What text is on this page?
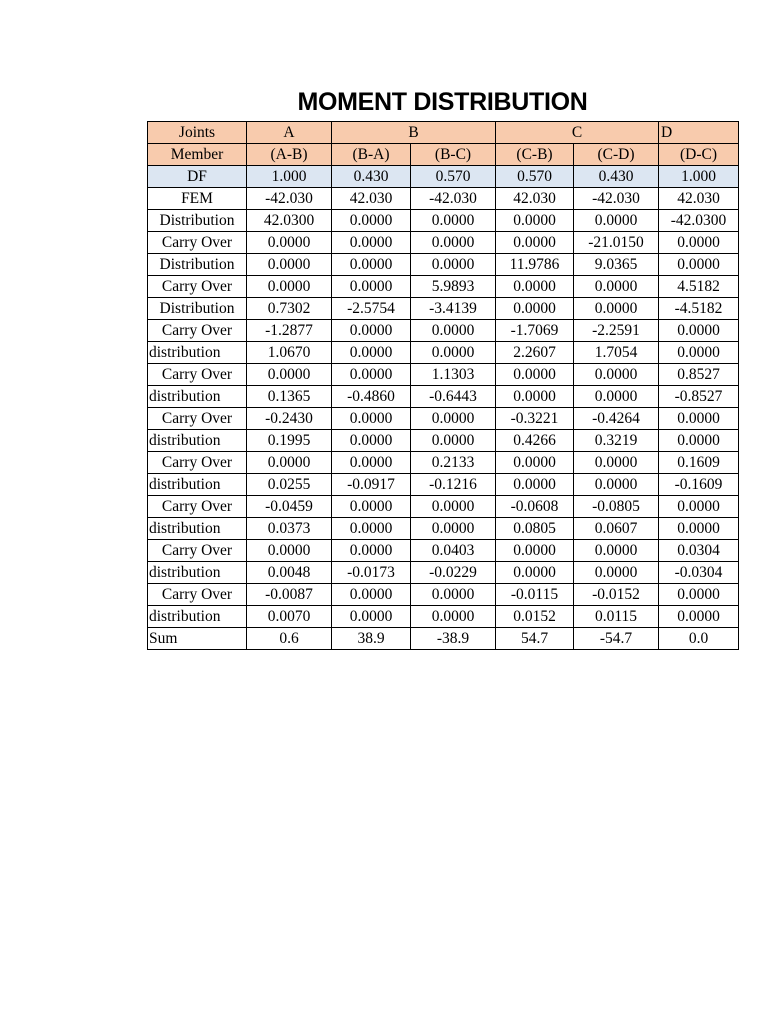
MOMENT DISTRIBUTION
Joints	A	B		C		D
Member	(A-B)	(B-A)	(B-C)	(C-B)	(C-D)	(D-C)
DF	1.000	0.430	0.570	0.570	0.430	1.000
FEM	-42.030	42.030	-42.030	42.030	-42.030	42.030
Distribution	42.0300	0.0000	0.0000	0.0000	0.0000	-42.0300
Carry Over	0.0000	0.0000	0.0000	0.0000	-21.0150	0.0000
Distribution	0.0000	0.0000	0.0000	11.9786	9.0365	0.0000
Carry Over	0.0000	0.0000	5.9893	0.0000	0.0000	4.5182
Distribution	0.7302	-2.5754	-3.4139	0.0000	0.0000	-4.5182
Carry Over	-1.2877	0.0000	0.0000	-1.7069	-2.2591	0.0000
distribution	1.0670	0.0000	0.0000	2.2607	1.7054	0.0000
Carry Over	0.0000	0.0000	1.1303	0.0000	0.0000	0.8527
distribution	0.1365	-0.4860	-0.6443	0.0000	0.0000	-0.8527
Carry Over	-0.2430	0.0000	0.0000	-0.3221	-0.4264	0.0000
distribution	0.1995	0.0000	0.0000	0.4266	0.3219	0.0000
Carry Over	0.0000	0.0000	0.2133	0.0000	0.0000	0.1609
distribution	0.0255	-0.0917	-0.1216	0.0000	0.0000	-0.1609
Carry Over	-0.0459	0.0000	0.0000	-0.0608	-0.0805	0.0000
distribution	0.0373	0.0000	0.0000	0.0805	0.0607	0.0000
Carry Over	0.0000	0.0000	0.0403	0.0000	0.0000	0.0304
distribution	0.0048	-0.0173	-0.0229	0.0000	0.0000	-0.0304
Carry Over	-0.0087	0.0000	0.0000	-0.0115	-0.0152	0.0000
distribution	0.0070	0.0000	0.0000	0.0152	0.0115	0.0000
Sum	0.6	38.9	-38.9	54.7	-54.7	0.0
